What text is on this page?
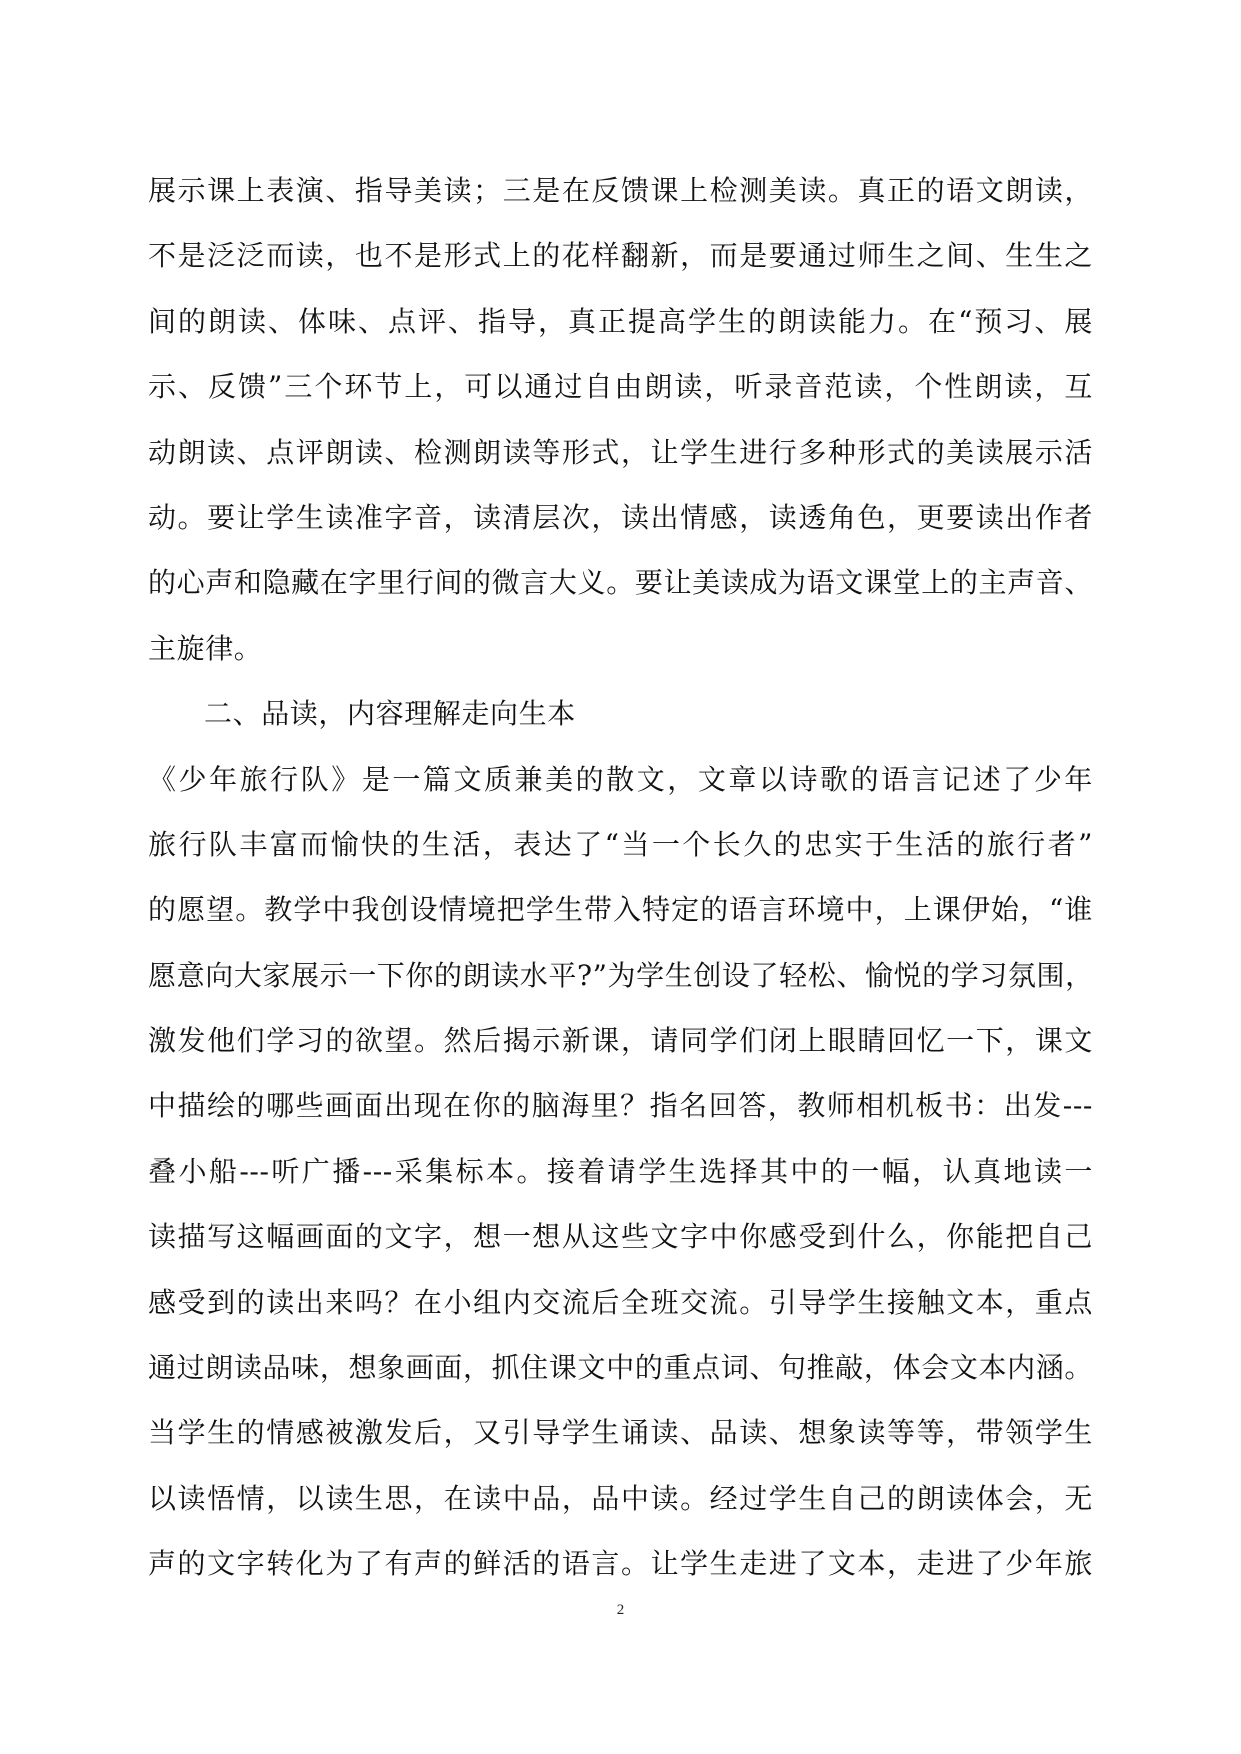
展示课上表演、指导美读；三是在反馈课上检测美读。真正的语文朗读，
不是泛泛而读，也不是形式上的花样翻新，而是要通过师生之间、生生之
间的朗读、体味、点评、指导，真正提高学生的朗读能力。在“预习、展
示、反馈”三个环节上，可以通过自由朗读，听录音范读，个性朗读，互
动朗读、点评朗读、检测朗读等形式，让学生进行多种形式的美读展示活
动。要让学生读准字音，读清层次，读出情感，读透角色，更要读出作者
的心声和隐藏在字里行间的微言大义。要让美读成为语文课堂上的主声音、
主旋律。
二、品读，内容理解走向生本
《少年旅行队》是一篇文质兼美的散文，文章以诗歌的语言记述了少年
旅行队丰富而愉快的生活，表达了“当一个长久的忠实于生活的旅行者”
的愿望。教学中我创设情境把学生带入特定的语言环境中，上课伊始，“谁
愿意向大家展示一下你的朗读水平?”为学生创设了轻松、愉悦的学习氛围，
激发他们学习的欲望。然后揭示新课，请同学们闭上眼睛回忆一下，课文
中描绘的哪些画面出现在你的脑海里？指名回答，教师相机板书：出发---
叠小船---听广播---采集标本。接着请学生选择其中的一幅，认真地读一
读描写这幅画面的文字，想一想从这些文字中你感受到什么，你能把自己
感受到的读出来吗？在小组内交流后全班交流。引导学生接触文本，重点
通过朗读品味，想象画面，抓住课文中的重点词、句推敲，体会文本内涵。
当学生的情感被激发后，又引导学生诵读、品读、想象读等等，带领学生
以读悟情，以读生思，在读中品，品中读。经过学生自己的朗读体会，无
声的文字转化为了有声的鲜活的语言。让学生走进了文本，走进了少年旅
2
